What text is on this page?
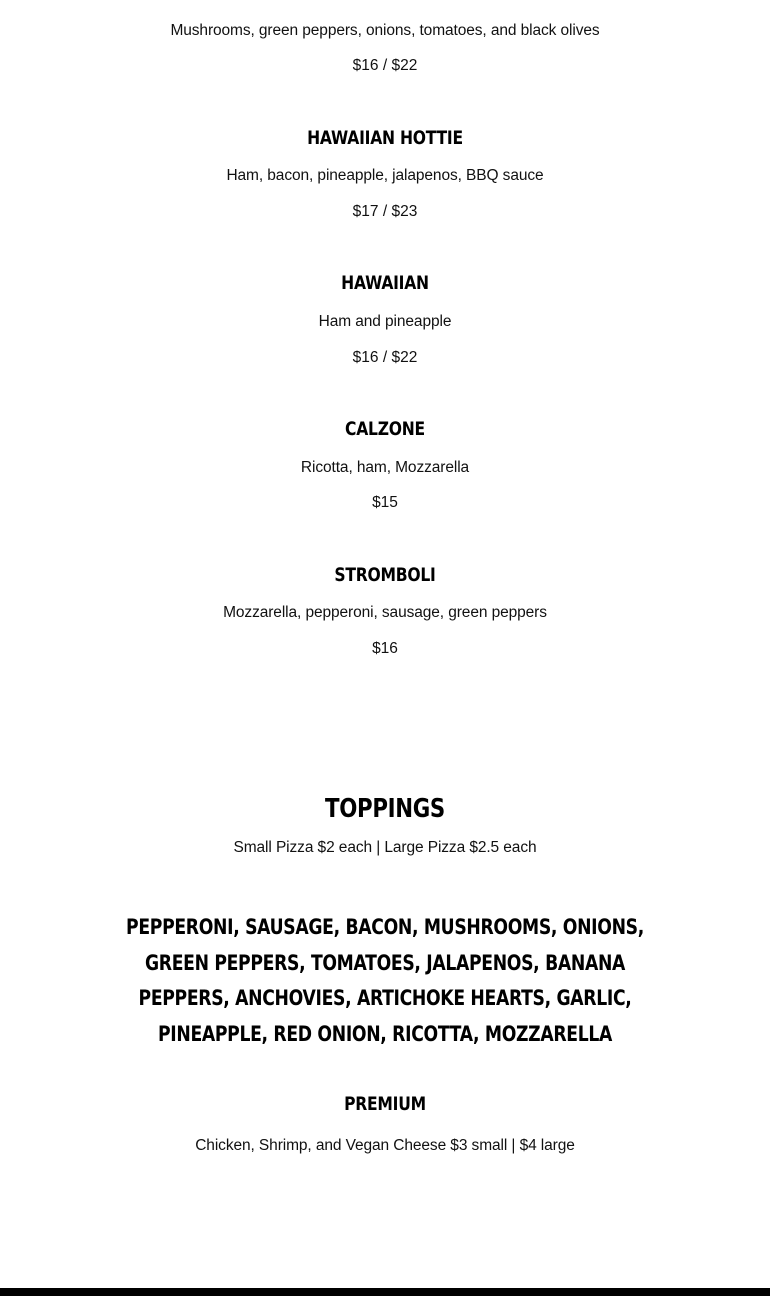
Mushrooms, green peppers, onions, tomatoes, and black olives
$16 / $22
HAWAIIAN HOTTIE
Ham, bacon, pineapple, jalapenos, BBQ sauce
$17 / $23
HAWAIIAN
Ham and pineapple
$16 / $22
CALZONE
Ricotta, ham, Mozzarella
$15
STROMBOLI
Mozzarella, pepperoni, sausage, green peppers
$16
TOPPINGS
Small Pizza $2 each | Large Pizza $2.5 each
PEPPERONI, SAUSAGE, BACON, MUSHROOMS, ONIONS, GREEN PEPPERS, TOMATOES, JALAPENOS, BANANA PEPPERS, ANCHOVIES, ARTICHOKE HEARTS, GARLIC, PINEAPPLE, RED ONION, RICOTTA, MOZZARELLA
PREMIUM
Chicken, Shrimp, and Vegan Cheese $3 small | $4 large
